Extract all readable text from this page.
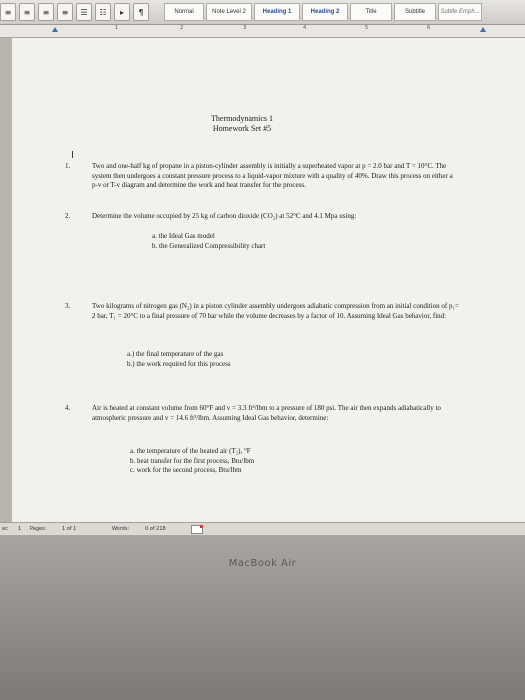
≡	≡	≡	≡	☰	☷	▸	¶	Normal	Note Level 2	Heading 1	Heading 2	Title	Subtitle	Subtle Emph...
1	2	3	4	5	6
Thermodynamics 1
Homework Set #5
I
1.	Two and one-half kg of propane in a piston-cylinder assembly is initially a superheated vapor at p = 2.0 bar and T = 10°C. The system then undergoes a constant pressure process to a liquid-vapor mixture with a quality of 40%. Draw this process on either a p-v or T-v diagram and determine the work and heat transfer for the process.
2.	Determine the volume occupied by 25 kg of carbon dioxide (CO₂) at 52°C and 4.1 Mpa using:
a. the Ideal Gas model
b. the Generalized Compressibility chart
3.	Two kilograms of nitrogen gas (N₂) in a piston cylinder assembly undergoes adiabatic compression from an initial condition of p₁= 2 bar, T₁ = 20°C to a final pressure of 70 bar while the volume decreases by a factor of 10. Assuming Ideal Gas behavior, find:
a.) the final temperature of the gas
b.) the work required for this process
4.	Air is heated at constant volume from 60°F and v = 3.3 ft³/lbm to a pressure of 180 psi. The air then expands adiabatically to atmospheric pressure and v = 14.6 ft³/lbm. Assuming Ideal Gas behavior, determine:
a. the temperature of the heated air (T₂), °F
b. heat transfer for the first process, Btu/lbm
c. work for the second process, Btu/lbm
ec 1 Pages:	1 of 1	Words:	0 of 218
MacBook Air
